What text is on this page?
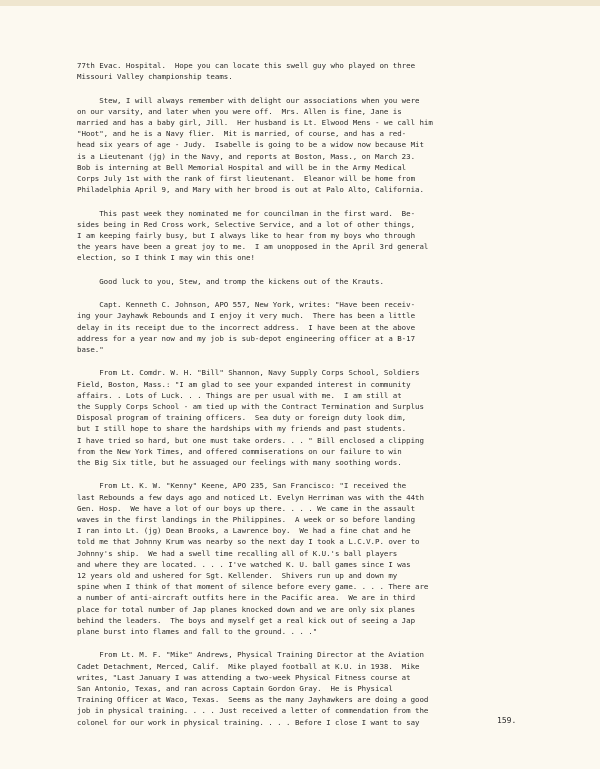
77th Evac. Hospital.  Hope you can locate this swell guy who played on three
Missouri Valley championship teams.
Stew, I will always remember with delight our associations when you were
on our varsity, and later when you were off.  Mrs. Allen is fine, Jane is
married and has a baby girl, Jill.  Her husband is Lt. Elwood Mens - we call him
"Hoot", and he is a Navy flier.  Mit is married, of course, and has a red-
head six years of age - Judy.  Isabelle is going to be a widow now because Mit
is a Lieutenant (jg) in the Navy, and reports at Boston, Mass., on March 23.
Bob is interning at Bell Memorial Hospital and will be in the Army Medical
Corps July 1st with the rank of first lieutenant.  Eleanor will be home from
Philadelphia April 9, and Mary with her brood is out at Palo Alto, California.
This past week they nominated me for councilman in the first ward.  Be-
sides being in Red Cross work, Selective Service, and a lot of other things,
I am keeping fairly busy, but I always like to hear from my boys who through
the years have been a great joy to me.  I am unopposed in the April 3rd general
election, so I think I may win this one!
Good luck to you, Stew, and tromp the kickens out of the Krauts.
Capt. Kenneth C. Johnson, APO 557, New York, writes: "Have been receiv-
ing your Jayhawk Rebounds and I enjoy it very much.  There has been a little
delay in its receipt due to the incorrect address.  I have been at the above
address for a year now and my job is sub-depot engineering officer at a B-17
base."
From Lt. Comdr. W. H. "Bill" Shannon, Navy Supply Corps School, Soldiers
Field, Boston, Mass.: "I am glad to see your expanded interest in community
affairs. . Lots of Luck. . . Things are per usual with me.  I am still at
the Supply Corps School - am tied up with the Contract Termination and Surplus
Disposal program of training officers.  Sea duty or foreign duty look dim,
but I still hope to share the hardships with my friends and past students.
I have tried so hard, but one must take orders. . . " Bill enclosed a clipping
from the New York Times, and offered commiserations on our failure to win
the Big Six title, but he assuaged our feelings with many soothing words.
From Lt. K. W. "Kenny" Keene, APO 235, San Francisco: "I received the
last Rebounds a few days ago and noticed Lt. Evelyn Herriman was with the 44th
Gen. Hosp.  We have a lot of our boys up there. . . . We came in the assault
waves in the first landings in the Philippines.  A week or so before landing
I ran into Lt. (jg) Dean Brooks, a Lawrence boy.  We had a fine chat and he
told me that Johnny Krum was nearby so the next day I took a L.C.V.P. over to
Johnny's ship.  We had a swell time recalling all of K.U.'s ball players
and where they are located. . . . I've watched K. U. ball games since I was
12 years old and ushered for Sgt. Kellender.  Shivers run up and down my
spine when I think of that moment of silence before every game. . . . There are
a number of anti-aircraft outfits here in the Pacific area.  We are in third
place for total number of Jap planes knocked down and we are only six planes
behind the leaders.  The boys and myself get a real kick out of seeing a Jap
plane burst into flames and fall to the ground. . . ."
From Lt. M. F. "Mike" Andrews, Physical Training Director at the Aviation
Cadet Detachment, Merced, Calif.  Mike played football at K.U. in 1938.  Mike
writes, "Last January I was attending a two-week Physical Fitness course at
San Antonio, Texas, and ran across Captain Gordon Gray.  He is Physical
Training Officer at Waco, Texas.  Seems as the many Jayhawkers are doing a good
job in physical training. . . . Just received a letter of commendation from the
colonel for our work in physical training. . . . Before I close I want to say	159.
